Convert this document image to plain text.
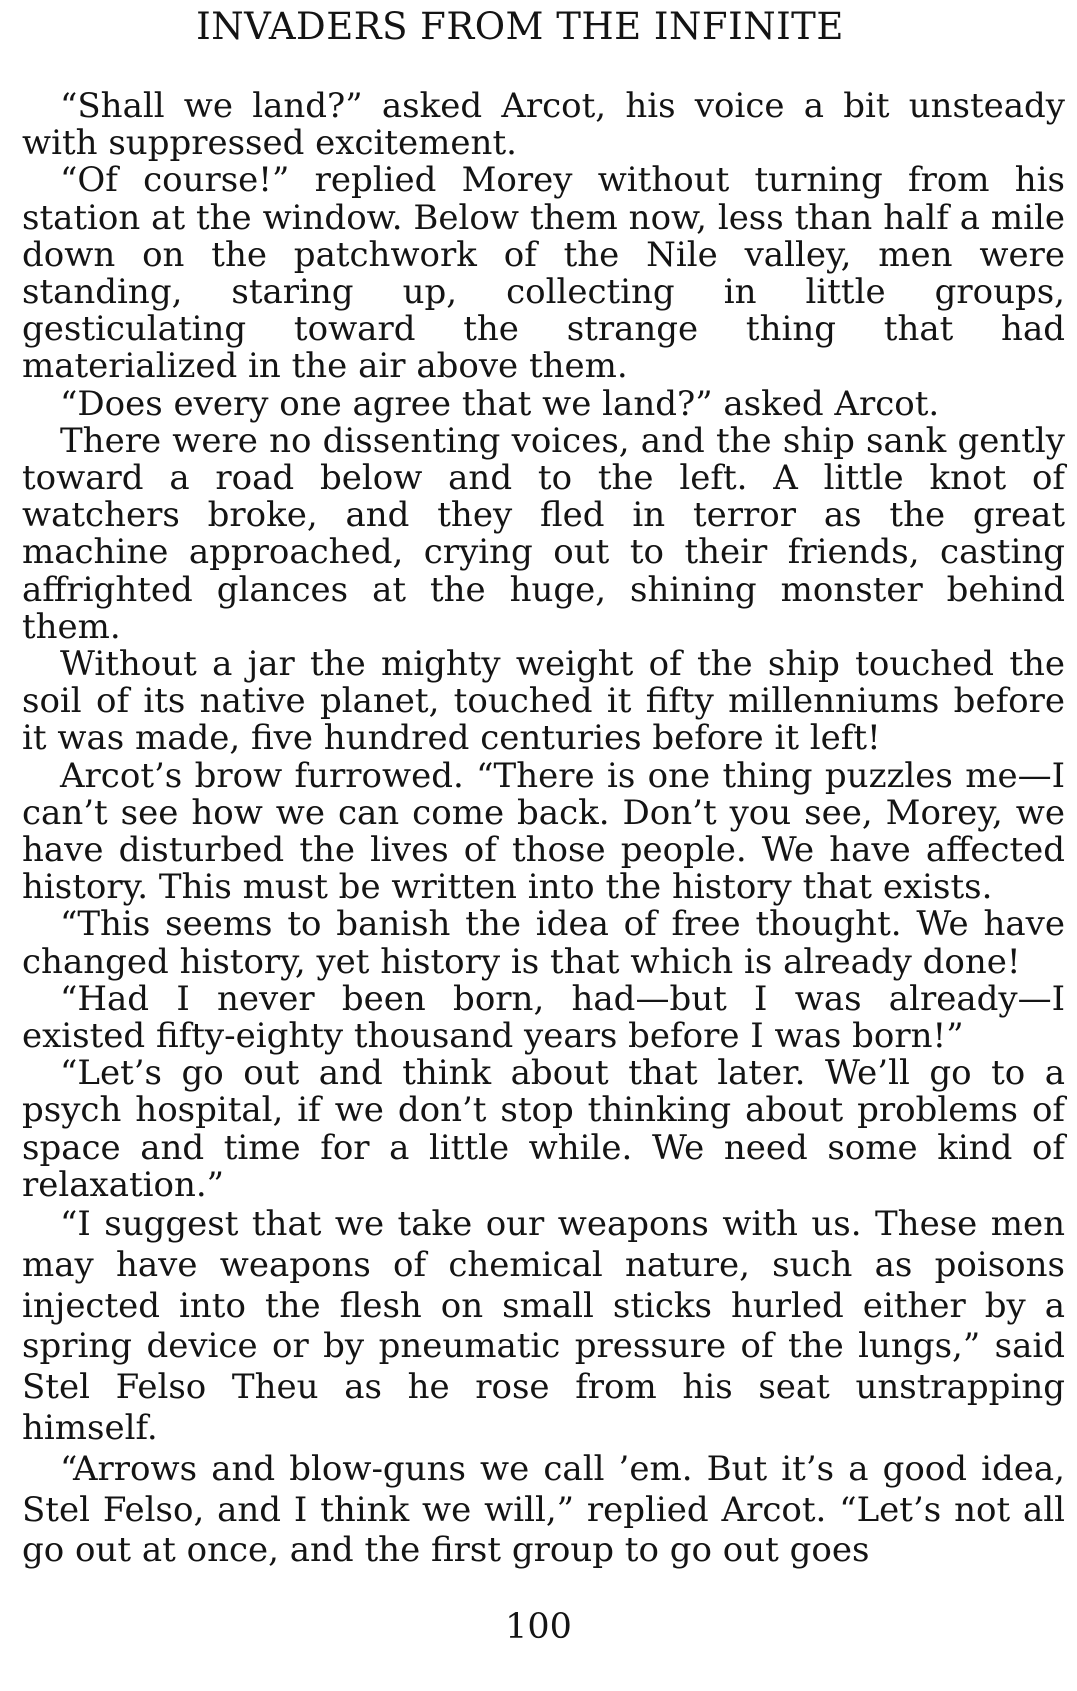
INVADERS FROM THE INFINITE

“Shall we land?” asked Arcot, his voice a bit unsteady with suppressed excitement.

“Of course!” replied Morey without turning from his station at the window. Below them now, less than half a mile down on the patchwork of the Nile valley, men were standing, staring up, collecting in little groups, gesticulating toward the strange thing that had materialized in the air above them.

“Does every one agree that we land?” asked Arcot.

There were no dissenting voices, and the ship sank gently toward a road below and to the left. A little knot of watchers broke, and they fled in terror as the great machine approached, crying out to their friends, casting affrighted glances at the huge, shining monster behind them.

Without a jar the mighty weight of the ship touched the soil of its native planet, touched it fifty millenniums before it was made, five hundred centuries before it left!

Arcot’s brow furrowed. “There is one thing puzzles me—I can’t see how we can come back. Don’t you see, Morey, we have disturbed the lives of those people. We have affected history. This must be written into the history that exists.

“This seems to banish the idea of free thought. We have changed history, yet history is that which is already done!

“Had I never been born, had—but I was already—I existed fifty-eighty thousand years before I was born!”

“Let’s go out and think about that later. We’ll go to a psych hospital, if we don’t stop thinking about problems of space and time for a little while. We need some kind of relaxation.”

“I suggest that we take our weapons with us. These men may have weapons of chemical nature, such as poisons injected into the flesh on small sticks hurled either by a spring device or by pneumatic pressure of the lungs,” said Stel Felso Theu as he rose from his seat unstrapping himself.

“Arrows and blow-guns we call ’em. But it’s a good idea, Stel Felso, and I think we will,” replied Arcot. “Let’s not all go out at once, and the first group to go out goes

100
